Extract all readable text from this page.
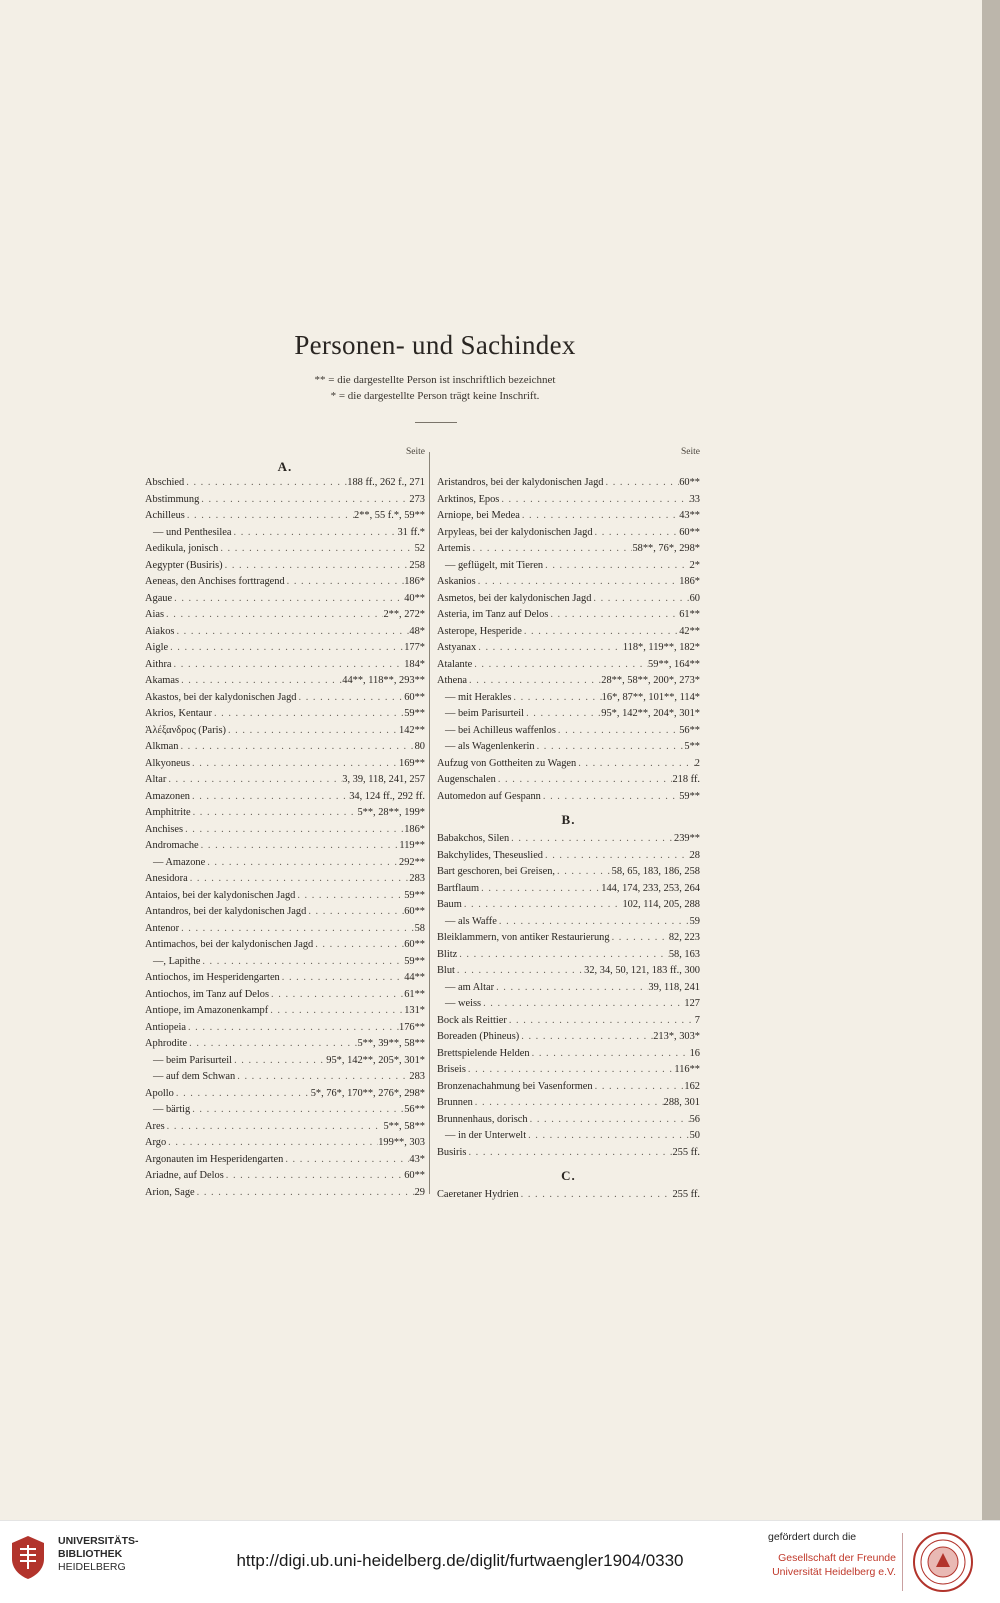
Personen- und Sachindex
** = die dargestellte Person ist inschriftlich bezeichnet
* = die dargestellte Person trägt keine Inschrift.
Seite
A.
Abschied . . .	188 ff., 262 f., 271
Abstimmung . . .	273
Achilleus . . .	2**, 55 f.*, 59**
— und Penthesilea . . .	31 ff.*
Aedikula, jonisch . . .	52
Aegypter (Busiris) . . .	258
Aeneas, den Anchises forttragend . . .	186*
Agaue . . .	40**
Aias . . .	2**, 272*
Aiakos . . .	48*
Aigle . . .	177*
Aithra . . .	184*
Akamas . . .	44**, 118**, 293**
Akastos, bei der kalydonischen Jagd . . .	60**
Akrios, Kentaur . . .	59**
Ἀλέξανδρος (Paris) . . .	142**
Alkman . . .	80
Alkyoneus . . .	169**
Altar . . .	3, 39, 118, 241, 257
Amazonen . . .	34, 124 ff., 292 ff.
Amphitrite . . .	5**, 28**, 199*
Anchises . . .	186*
Andromache . . .	119**
— Amazone . . .	292**
Anesidora . . .	283
Antaios, bei der kalydonischen Jagd . . .	59**
Antandros, bei der kalydonischen Jagd . . .	60**
Antenor . . .	58
Antimachos, bei der kalydonischen Jagd . . .	60**
—, Lapithe . . .	59**
Antiochos, im Hesperidengarten . . .	44**
Antiochos, im Tanz auf Delos . . .	61**
Antiope, im Amazonenkampf . . .	131*
Antiopeia . . .	176**
Aphrodite . . .	5**, 39**, 58**
— beim Parisurteil . . .	95*, 142**, 205*, 301*
— auf dem Schwan . . .	283
Apollo . . .	5*, 76*, 170**, 276*, 298*
— bärtig . . .	56**
Ares . . .	5**, 58**
Argo . . .	199**, 303
Argonauten im Hesperidengarten . . .	43*
Ariadne, auf Delos . . .	60**
Arion, Sage . . .	29
Seite
Aristandros, bei der kalydonischen Jagd . . .	60**
Arktinos, Epos . . .	33
Arniope, bei Medea . . .	43**
Arpyleas, bei der kalydonischen Jagd . . .	60**
Artemis . . .	58**, 76*, 298*
— geflügelt, mit Tieren . . .	2*
Askanios . . .	186*
Asmetos, bei der kalydonischen Jagd . . .	60
Asteria, im Tanz auf Delos . . .	61**
Asterope, Hesperide . . .	42**
Astyanax . . .	118*, 119**, 182*
Atalante . . .	59**, 164**
Athena . . .	28**, 58**, 200*, 273*
— mit Herakles . . .	16*, 87**, 101**, 114*
— beim Parisurteil . . .	95*, 142**, 204*, 301*
— bei Achilleus waffenlos . . .	56**
— als Wagenlenkerin . . .	5**
Aufzug von Gottheiten zu Wagen . . .	2
Augenschalen . . .	218 ff.
Automedon auf Gespann . . .	59**
B.
Babakchos, Silen . . .	239**
Bakchylides, Theseuslied . . .	28
Bart geschoren, bei Greisen, . . .	58, 65, 183, 186, 258
Bartflaum . . .	144, 174, 233, 253, 264
Baum . . .	102, 114, 205, 288
— als Waffe . . .	59
Bleiklammern, von antiker Restaurierung . . .	82, 223
Blitz . . .	58, 163
Blut . . .	32, 34, 50, 121, 183 ff., 300
— am Altar . . .	39, 118, 241
— weiss . . .	127
Bock als Reittier . . .	7
Boreaden (Phineus) . . .	213*, 303*
Brettspielende Helden . . .	16
Briseis . . .	116**
Bronzenachahmung bei Vasenformen . . .	162
Brunnen . . .	288, 301
Brunnenhaus, dorisch . . .	56
— in der Unterwelt . . .	50
Busiris . . .	255 ff.
C.
Caeretaner Hydrien . . .	255 ff.
UNIVERSITÄTS-
BIBLIOTHEK
HEIDELBERG	http://digi.ub.uni-heidelberg.de/diglit/furtwaengler1904/0330
gefördert durch die
Gesellschaft der Freunde
Universität Heidelberg e.V.
